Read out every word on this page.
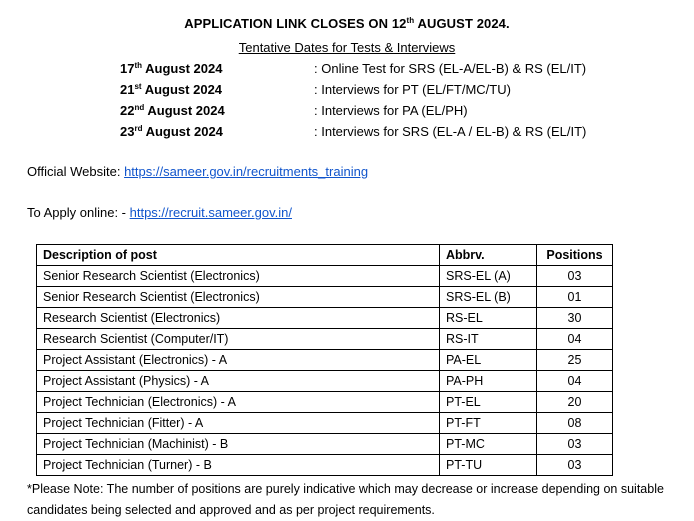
APPLICATION LINK CLOSES ON 12th AUGUST 2024.
Tentative Dates for Tests & Interviews
17th August 2024	: Online Test for SRS (EL-A/EL-B) & RS (EL/IT)
21st August 2024	: Interviews for PT (EL/FT/MC/TU)
22nd August 2024	: Interviews for PA (EL/PH)
23rd August 2024	: Interviews for SRS (EL-A / EL-B) & RS (EL/IT)
Official Website: https://sameer.gov.in/recruitments_training
To Apply online: - https://recruit.sameer.gov.in/
Description of post	Abbrv.	Positions
Senior Research Scientist (Electronics)	SRS-EL (A)	03
Senior Research Scientist (Electronics)	SRS-EL (B)	01
Research Scientist (Electronics)	RS-EL	30
Research Scientist (Computer/IT)	RS-IT	04
Project Assistant (Electronics) - A	PA-EL	25
Project Assistant (Physics) - A	PA-PH	04
Project Technician (Electronics) - A	PT-EL	20
Project Technician (Fitter) - A	PT-FT	08
Project Technician (Machinist) - B	PT-MC	03
Project Technician (Turner) - B	PT-TU	03
*Please Note: The number of positions are purely indicative which may decrease or increase depending on suitable candidates being selected and approved and as per project requirements.
